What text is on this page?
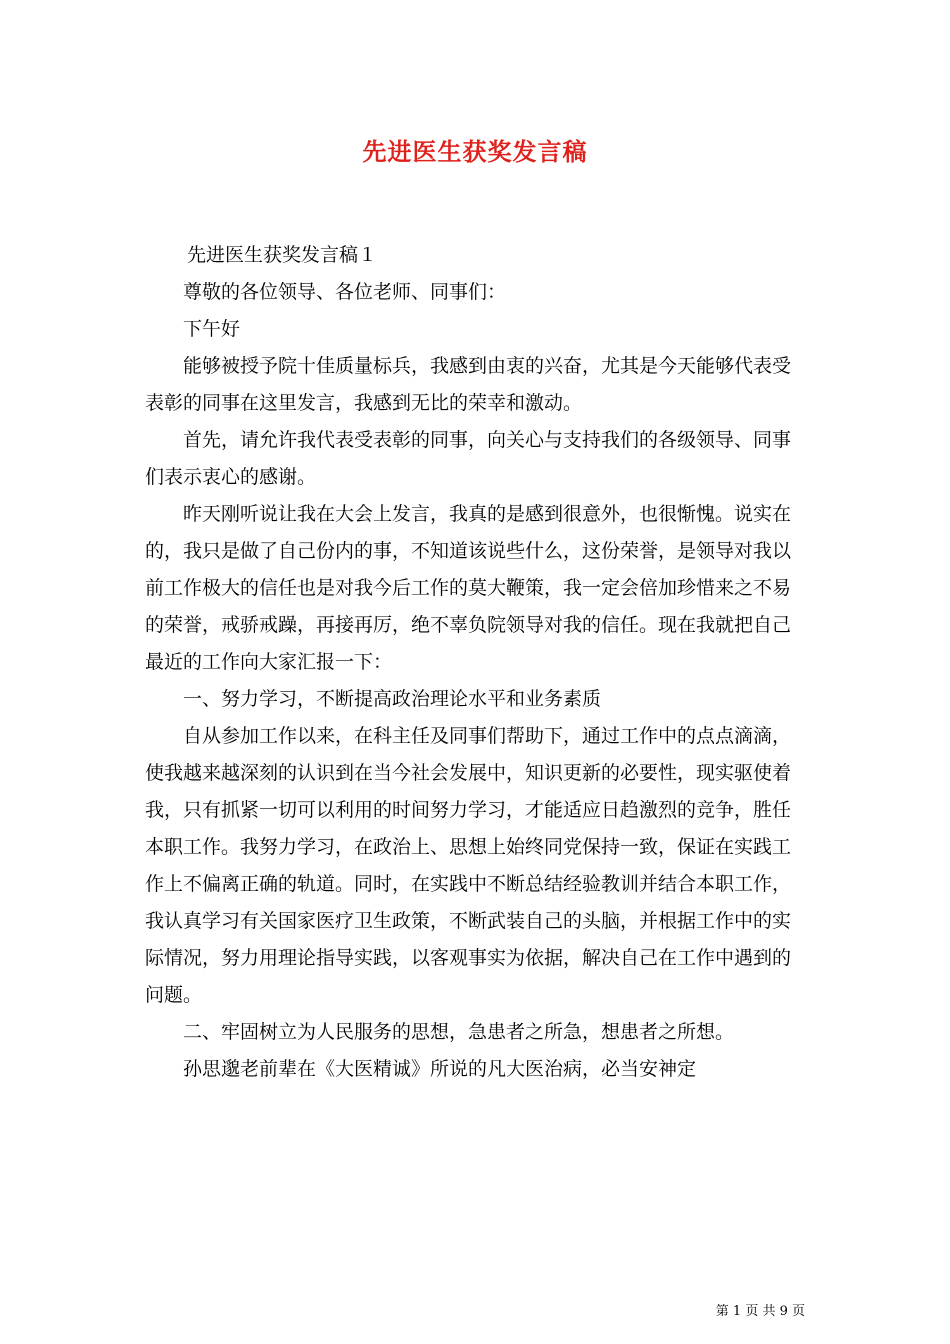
先进医生获奖发言稿

先进医生获奖发言稿１

尊敬的各位领导、各位老师、同事们：

下午好

能够被授予院十佳质量标兵，我感到由衷的兴奋，尤其是今天能够代表受表彰的同事在这里发言，我感到无比的荣幸和激动。

首先，请允许我代表受表彰的同事，向关心与支持我们的各级领导、同事们表示衷心的感谢。

昨天刚听说让我在大会上发言，我真的是感到很意外，也很惭愧。说实在的，我只是做了自己份内的事，不知道该说些什么，这份荣誉，是领导对我以前工作极大的信任也是对我今后工作的莫大鞭策，我一定会倍加珍惜来之不易的荣誉，戒骄戒躁，再接再厉，绝不辜负院领导对我的信任。现在我就把自己最近的工作向大家汇报一下：

一、努力学习，不断提高政治理论水平和业务素质

自从参加工作以来，在科主任及同事们帮助下，通过工作中的点点滴滴，使我越来越深刻的认识到在当今社会发展中，知识更新的必要性，现实驱使着我，只有抓紧一切可以利用的时间努力学习，才能适应日趋激烈的竞争，胜任本职工作。我努力学习，在政治上、思想上始终同党保持一致，保证在实践工作上不偏离正确的轨道。同时，在实践中不断总结经验教训并结合本职工作，我认真学习有关国家医疗卫生政策，不断武装自己的头脑，并根据工作中的实际情况，努力用理论指导实践，以客观事实为依据，解决自己在工作中遇到的问题。

二、牢固树立为人民服务的思想，急患者之所急，想患者之所想。

孙思邈老前辈在《大医精诚》所说的凡大医治病，必当安神定

第 1 页 共 9 页
